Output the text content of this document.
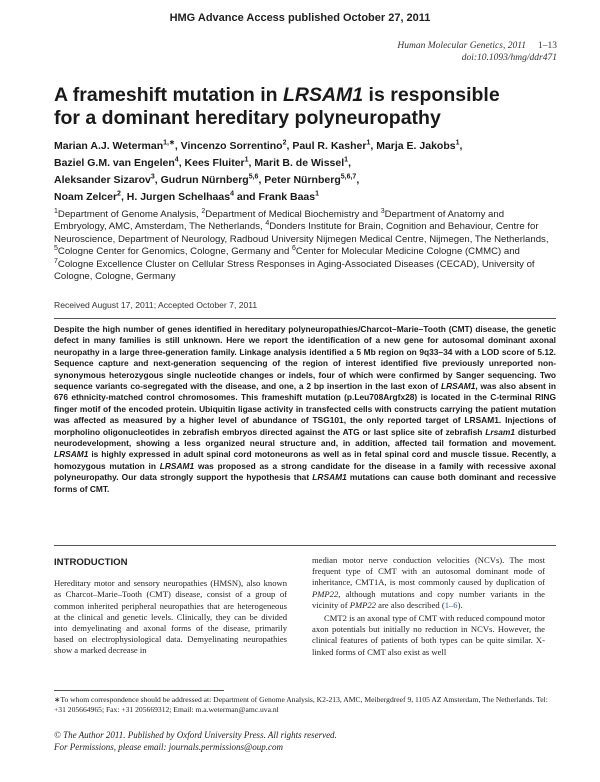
HMG Advance Access published October 27, 2011
Human Molecular Genetics, 2011 1–13
doi:10.1093/hmg/ddr471
A frameshift mutation in LRSAM1 is responsible
for a dominant hereditary polyneuropathy
Marian A.J. Weterman$^{1,∗}$, Vincenzo Sorrentino$^2$, Paul R. Kasher$^1$, Marja E. Jakobs$^1$,
Baziel G.M. van Engelen$^4$, Kees Fluiter$^1$, Marit B. de Wissel$^1$,
Aleksander Sizarov$^3$, Gudrun Nürnberg$^{5,6}$, Peter Nürnberg$^{5,6,7}$,
Noam Zelcer$^2$, H. Jurgen Schelhaas$^4$ and Frank Baas$^1$
$^1$Department of Genome Analysis, $^2$Department of Medical Biochemistry and $^3$Department of Anatomy and Embryology, AMC, Amsterdam, The Netherlands, $^4$Donders Institute for Brain, Cognition and Behaviour, Centre for Neuroscience, Department of Neurology, Radboud University Nijmegen Medical Centre, Nijmegen, The Netherlands, $^5$Cologne Center for Genomics, Cologne, Germany and $^6$Center for Molecular Medicine Cologne (CMMC) and
$^7$Cologne Excellence Cluster on Cellular Stress Responses in Aging-Associated Diseases (CECAD), University of Cologne, Cologne, Germany
Received August 17, 2011; Accepted October 7, 2011
Despite the high number of genes identified in hereditary polyneuropathies/Charcot–Marie–Tooth (CMT) disease, the genetic defect in many families is still unknown. Here we report the identification of a new gene for autosomal dominant axonal neuropathy in a large three-generation family. Linkage analysis identified a 5 Mb region on 9q33–34 with a LOD score of 5.12. Sequence capture and next-generation sequencing of the region of interest identified five previously unreported non-synonymous heterozygous single nucleotide changes or indels, four of which were confirmed by Sanger sequencing. Two sequence variants co-segregated with the disease, and one, a 2 bp insertion in the last exon of LRSAM1, was also absent in 676 ethnicity-matched control chromosomes. This frameshift mutation (p.Leu708Argfx28) is located in the C-terminal RING finger motif of the encoded protein. Ubiquitin ligase activity in transfected cells with constructs carrying the patient mutation was affected as measured by a higher level of abundance of TSG101, the only reported target of LRSAM1. Injections of morpholino oligonucleotides in zebrafish embryos directed against the ATG or last splice site of zebrafish Lrsam1 disturbed neurodevelopment, showing a less organized neural structure and, in addition, affected tail formation and movement. LRSAM1 is highly expressed in adult spinal cord motoneurons as well as in fetal spinal cord and muscle tissue. Recently, a homozygous mutation in LRSAM1 was proposed as a strong candidate for the disease in a family with recessive axonal polyneuropathy. Our data strongly support the hypothesis that LRSAM1 mutations can cause both dominant and recessive forms of CMT.
INTRODUCTION

Hereditary motor and sensory neuropathies (HMSN), also known as Charcot–Marie–Tooth (CMT) disease, consist of a group of common inherited peripheral neuropathies that are heterogeneous at the clinical and genetic levels. Clinically, they can be divided into demyelinating and axonal forms of the disease, primarily based on electrophysiological data. Demyelinating neuropathies show a marked decrease in

median motor nerve conduction velocities (NCVs). The most frequent type of CMT with an autosomal dominant mode of inheritance, CMT1A, is most commonly caused by duplication of PMP22, although mutations and copy number variants in the vicinity of PMP22 are also described (1–6).

CMT2 is an axonal type of CMT with reduced compound motor axon potentials but initially no reduction in NCVs. However, the clinical features of patients of both types can be quite similar. X-linked forms of CMT also exist as well

∗To whom correspondence should be addressed at: Department of Genome Analysis, K2-213, AMC, Meibergdreef 9, 1105 AZ Amsterdam, The Netherlands. Tel: +31 205664965; Fax: +31 205669312; Email: m.a.weterman@amc.uva.nl
© The Author 2011. Published by Oxford University Press. All rights reserved.
For Permissions, please email: journals.permissions@oup.com
